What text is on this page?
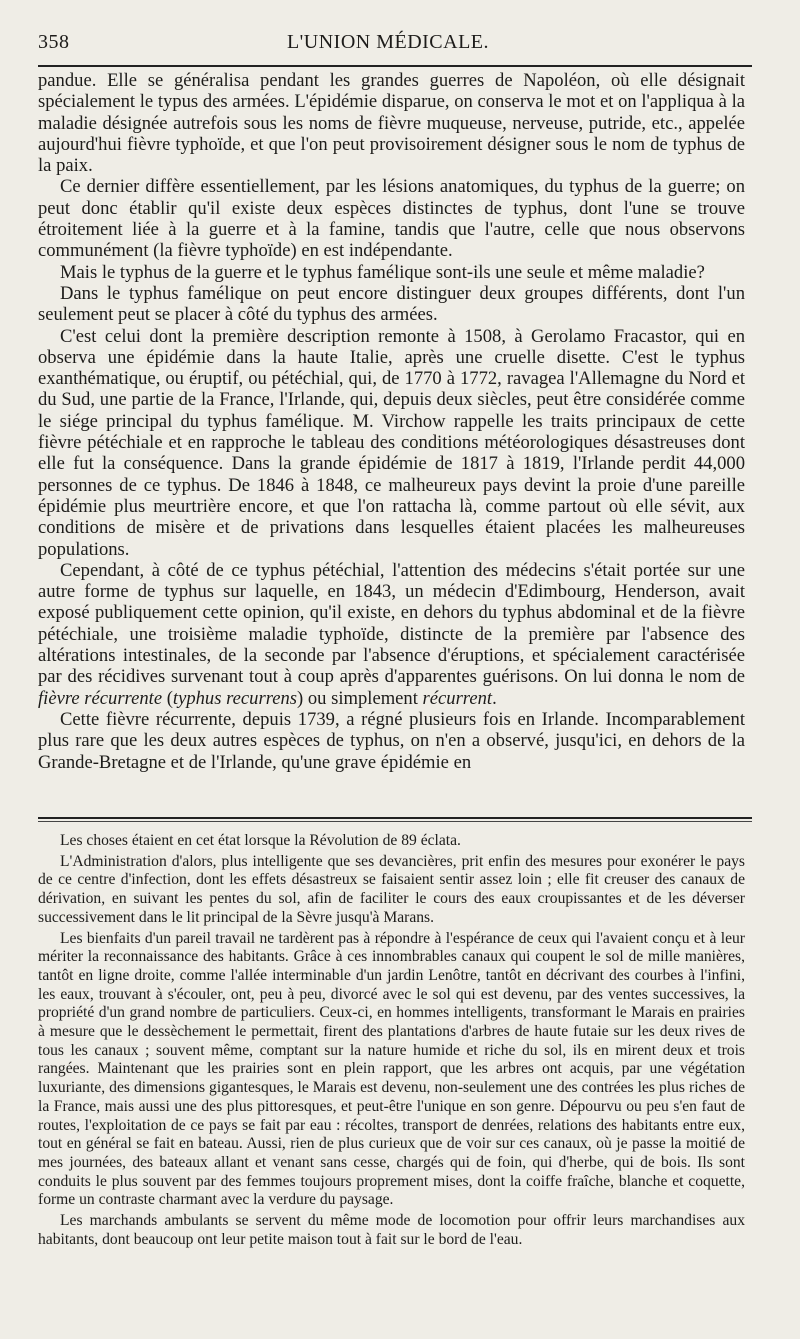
358	L'UNION MÉDICALE.

pandue. Elle se généralisa pendant les grandes guerres de Napoléon, où elle désignait spécialement le typus des armées. L'épidémie disparue, on conserva le mot et on l'appliqua à la maladie désignée autrefois sous les noms de fièvre muqueuse, nerveuse, putride, etc., appelée aujourd'hui fièvre typhoïde, et que l'on peut provisoirement désigner sous le nom de typhus de la paix.

Ce dernier diffère essentiellement, par les lésions anatomiques, du typhus de la guerre; on peut donc établir qu'il existe deux espèces distinctes de typhus, dont l'une se trouve étroitement liée à la guerre et à la famine, tandis que l'autre, celle que nous observons communément (la fièvre typhoïde) en est indépendante.

Mais le typhus de la guerre et le typhus famélique sont-ils une seule et même maladie?

Dans le typhus famélique on peut encore distinguer deux groupes différents, dont l'un seulement peut se placer à côté du typhus des armées.

C'est celui dont la première description remonte à 1508, à Gerolamo Fracastor, qui en observa une épidémie dans la haute Italie, après une cruelle disette. C'est le typhus exanthématique, ou éruptif, ou pétéchial, qui, de 1770 à 1772, ravagea l'Allemagne du Nord et du Sud, une partie de la France, l'Irlande, qui, depuis deux siècles, peut être considérée comme le siége principal du typhus famélique. M. Virchow rappelle les traits principaux de cette fièvre pétéchiale et en rapproche le tableau des conditions météorologiques désastreuses dont elle fut la conséquence. Dans la grande épidémie de 1817 à 1819, l'Irlande perdit 44,000 personnes de ce typhus. De 1846 à 1848, ce malheureux pays devint la proie d'une pareille épidémie plus meurtrière encore, et que l'on rattacha là, comme partout où elle sévit, aux conditions de misère et de privations dans lesquelles étaient placées les malheureuses populations.

Cependant, à côté de ce typhus pétéchial, l'attention des médecins s'était portée sur une autre forme de typhus sur laquelle, en 1843, un médecin d'Edimbourg, Henderson, avait exposé publiquement cette opinion, qu'il existe, en dehors du typhus abdominal et de la fièvre pétéchiale, une troisième maladie typhoïde, distincte de la première par l'absence des altérations intestinales, de la seconde par l'absence d'éruptions, et spécialement caractérisée par des récidives survenant tout à coup après d'apparentes guérisons. On lui donna le nom de fièvre récurrente (typhus recurrens) ou simplement récurrent.

Cette fièvre récurrente, depuis 1739, a régné plusieurs fois en Irlande. Incomparablement plus rare que les deux autres espèces de typhus, on n'en a observé, jusqu'ici, en dehors de la Grande-Bretagne et de l'Irlande, qu'une grave épidémie en

Les choses étaient en cet état lorsque la Révolution de 89 éclata.

L'Administration d'alors, plus intelligente que ses devancières, prit enfin des mesures pour exonérer le pays de ce centre d'infection, dont les effets désastreux se faisaient sentir assez loin ; elle fit creuser des canaux de dérivation, en suivant les pentes du sol, afin de faciliter le cours des eaux croupissantes et de les déverser successivement dans le lit principal de la Sèvre jusqu'à Marans.

Les bienfaits d'un pareil travail ne tardèrent pas à répondre à l'espérance de ceux qui l'avaient conçu et à leur mériter la reconnaissance des habitants. Grâce à ces innombrables canaux qui coupent le sol de mille manières, tantôt en ligne droite, comme l'allée interminable d'un jardin Lenôtre, tantôt en décrivant des courbes à l'infini, les eaux, trouvant à s'écouler, ont, peu à peu, divorcé avec le sol qui est devenu, par des ventes successives, la propriété d'un grand nombre de particuliers. Ceux-ci, en hommes intelligents, transformant le Marais en prairies à mesure que le dessèchement le permettait, firent des plantations d'arbres de haute futaie sur les deux rives de tous les canaux ; souvent même, comptant sur la nature humide et riche du sol, ils en mirent deux et trois rangées. Maintenant que les prairies sont en plein rapport, que les arbres ont acquis, par une végétation luxuriante, des dimensions gigantesques, le Marais est devenu, non-seulement une des contrées les plus riches de la France, mais aussi une des plus pittoresques, et peut-être l'unique en son genre. Dépourvu ou peu s'en faut de routes, l'exploitation de ce pays se fait par eau : récoltes, transport de denrées, relations des habitants entre eux, tout en général se fait en bateau. Aussi, rien de plus curieux que de voir sur ces canaux, où je passe la moitié de mes journées, des bateaux allant et venant sans cesse, chargés qui de foin, qui d'herbe, qui de bois. Ils sont conduits le plus souvent par des femmes toujours proprement mises, dont la coiffe fraîche, blanche et coquette, forme un contraste charmant avec la verdure du paysage.

Les marchands ambulants se servent du même mode de locomotion pour offrir leurs marchandises aux habitants, dont beaucoup ont leur petite maison tout à fait sur le bord de l'eau.
